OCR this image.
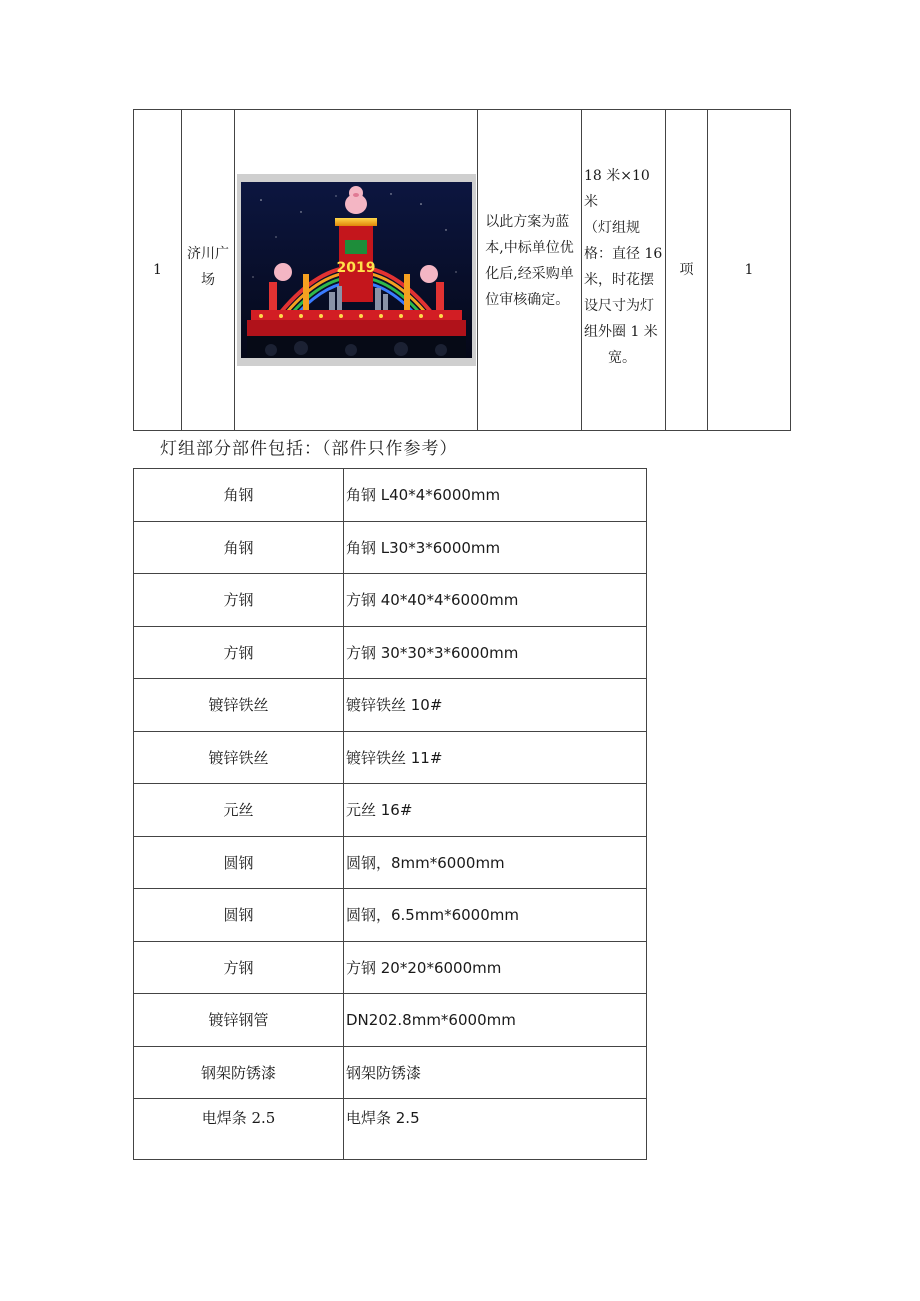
1	济川广
场	
2019
	以此方案为蓝
本,中标单位优
化后,经采购单
位审核确定。	18 米×10 米
（灯组规
格：直径 16
米，时花摆
设尺寸为灯
组外圈 1 米
宽。	项	1
灯组部分部件包括：（部件只作参考）
角钢	角钢 L40*4*6000mm
角钢	角钢 L30*3*6000mm
方钢	方钢 40*40*4*6000mm
方钢	方钢 30*30*3*6000mm
镀锌铁丝	镀锌铁丝 10#
镀锌铁丝	镀锌铁丝 11#
元丝	元丝 16#
圆钢	圆钢，8mm*6000mm
圆钢	圆钢，6.5mm*6000mm
方钢	方钢 20*20*6000mm
镀锌钢管	DN202.8mm*6000mm
钢架防锈漆	钢架防锈漆
电焊条 2.5	电焊条 2.5
